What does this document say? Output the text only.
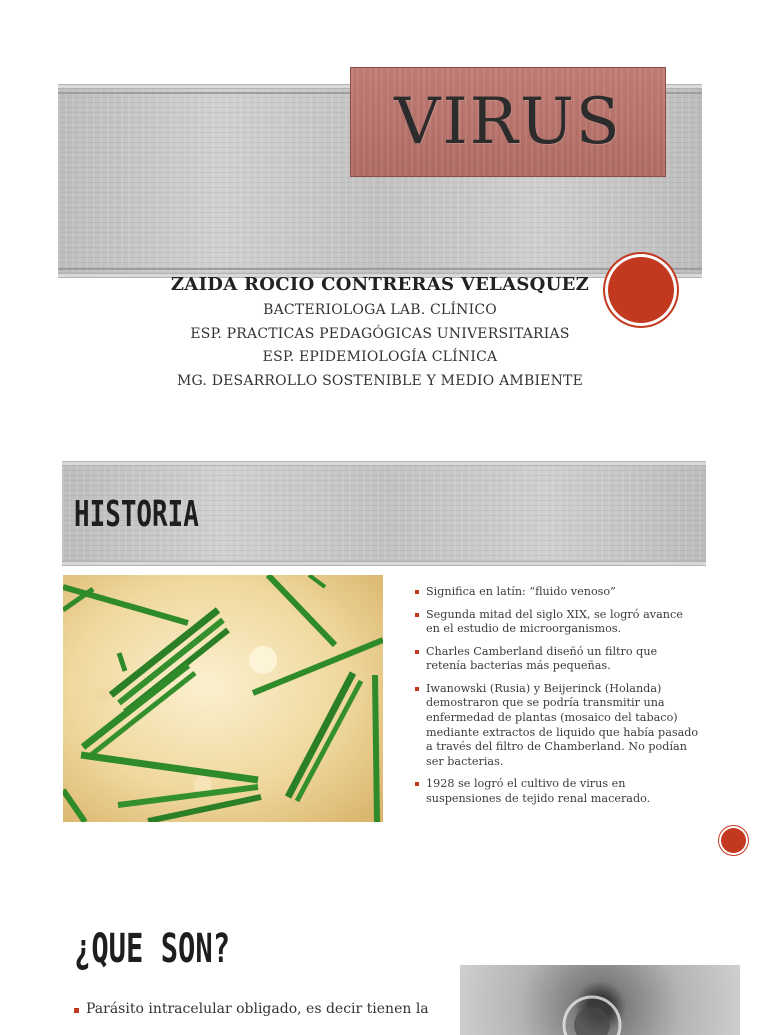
VIRUS
ZAIDA ROCIO CONTRERAS VELASQUEZ
BACTERIOLOGA LAB. CLÍNICO
ESP. PRACTICAS PEDAGÓGICAS UNIVERSITARIAS
ESP. EPIDEMIOLOGÍA CLÍNICA
MG. DESARROLLO SOSTENIBLE Y MEDIO AMBIENTE
HISTORIA
Significa en latín: “fluido venoso”
Segunda mitad del siglo XIX, se logró avance en el estudio de microorganismos.
Charles Camberland diseñó un filtro que retenía bacterias más pequeñas.
Iwanowski (Rusia) y Beijerinck (Holanda) demostraron que se podría transmitir una enfermedad de plantas (mosaico del tabaco) mediante extractos de liquido que había pasado a través del filtro de Chamberland. No podían ser bacterias.
1928 se logró el cultivo de virus en suspensiones de tejido renal macerado.
¿QUE SON?
Parásito intracelular obligado, es decir tienen la
